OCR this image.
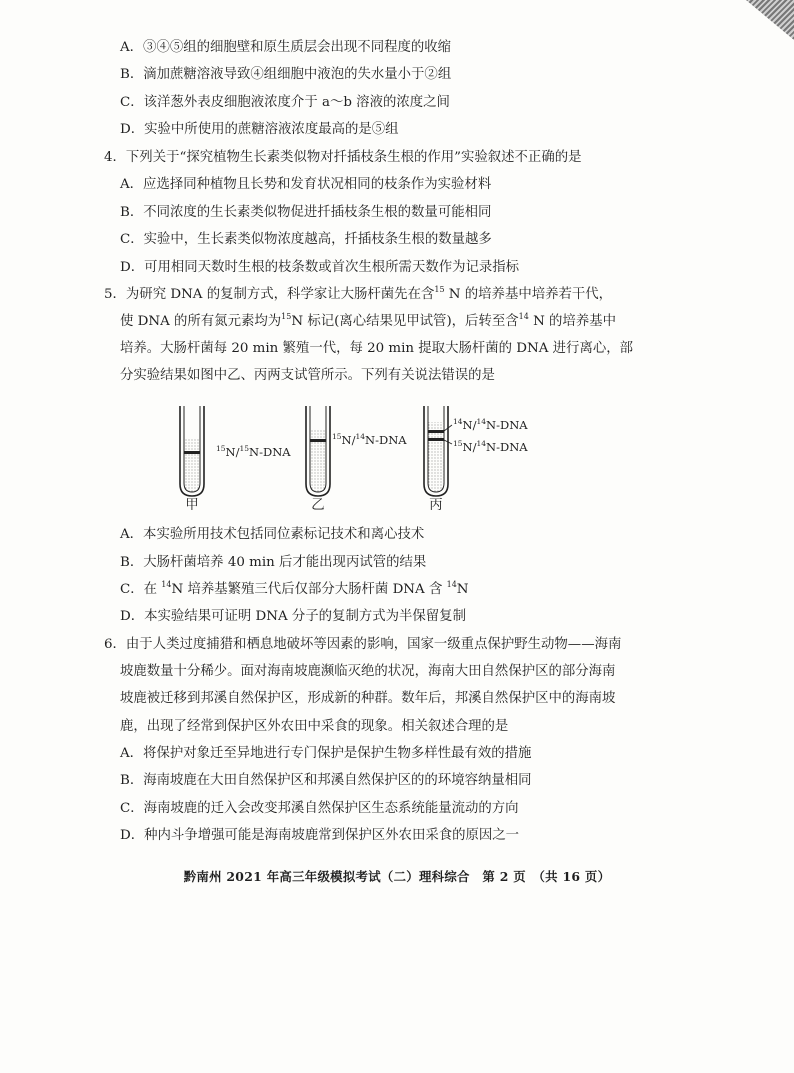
A．③④⑤组的细胞壁和原生质层会出现不同程度的收缩
B．滴加蔗糖溶液导致④组细胞中液泡的失水量小于②组
C．该洋葱外表皮细胞液浓度介于 a～b 溶液的浓度之间
D．实验中所使用的蔗糖溶液浓度最高的是⑤组
4．下列关于“探究植物生长素类似物对扦插枝条生根的作用”实验叙述不正确的是
A．应选择同种植物且长势和发育状况相同的枝条作为实验材料
B．不同浓度的生长素类似物促进扦插枝条生根的数量可能相同
C．实验中，生长素类似物浓度越高，扦插枝条生根的数量越多
D．可用相同天数时生根的枝条数或首次生根所需天数作为记录指标
5．为研究 DNA 的复制方式，科学家让大肠杆菌先在含$^{15}$ N 的培养基中培养若干代，
使 DNA 的所有氮元素均为$^{15}$N 标记(离心结果见甲试管)，后转至含$^{14}$ N 的培养基中
培养。大肠杆菌每 20 min 繁殖一代，每 20 min 提取大肠杆菌的 DNA 进行离心，部
分实验结果如图中乙、丙两支试管所示。下列有关说法错误的是
$^{15}$N/$^{15}$N-DNA
甲
$^{15}$N/$^{14}$N-DNA
乙
$^{14}$N/$^{14}$N-DNA
$^{15}$N/$^{14}$N-DNA
丙
A．本实验所用技术包括同位素标记技术和离心技术
B．大肠杆菌培养 40 min 后才能出现丙试管的结果
C．在 $^{14}$N 培养基繁殖三代后仅部分大肠杆菌 DNA 含 $^{14}$N
D．本实验结果可证明 DNA 分子的复制方式为半保留复制
6．由于人类过度捕猎和栖息地破坏等因素的影响，国家一级重点保护野生动物——海南
坡鹿数量十分稀少。面对海南坡鹿濒临灭绝的状况，海南大田自然保护区的部分海南
坡鹿被迁移到邦溪自然保护区，形成新的种群。数年后，邦溪自然保护区中的海南坡
鹿，出现了经常到保护区外农田中采食的现象。相关叙述合理的是
A．将保护对象迁至异地进行专门保护是保护生物多样性最有效的措施
B．海南坡鹿在大田自然保护区和邦溪自然保护区的的环境容纳量相同
C．海南坡鹿的迁入会改变邦溪自然保护区生态系统能量流动的方向
D．种内斗争增强可能是海南坡鹿常到保护区外农田采食的原因之一
黔南州 2021 年高三年级模拟考试（二）理科综合　第 2 页　（共 16 页）
